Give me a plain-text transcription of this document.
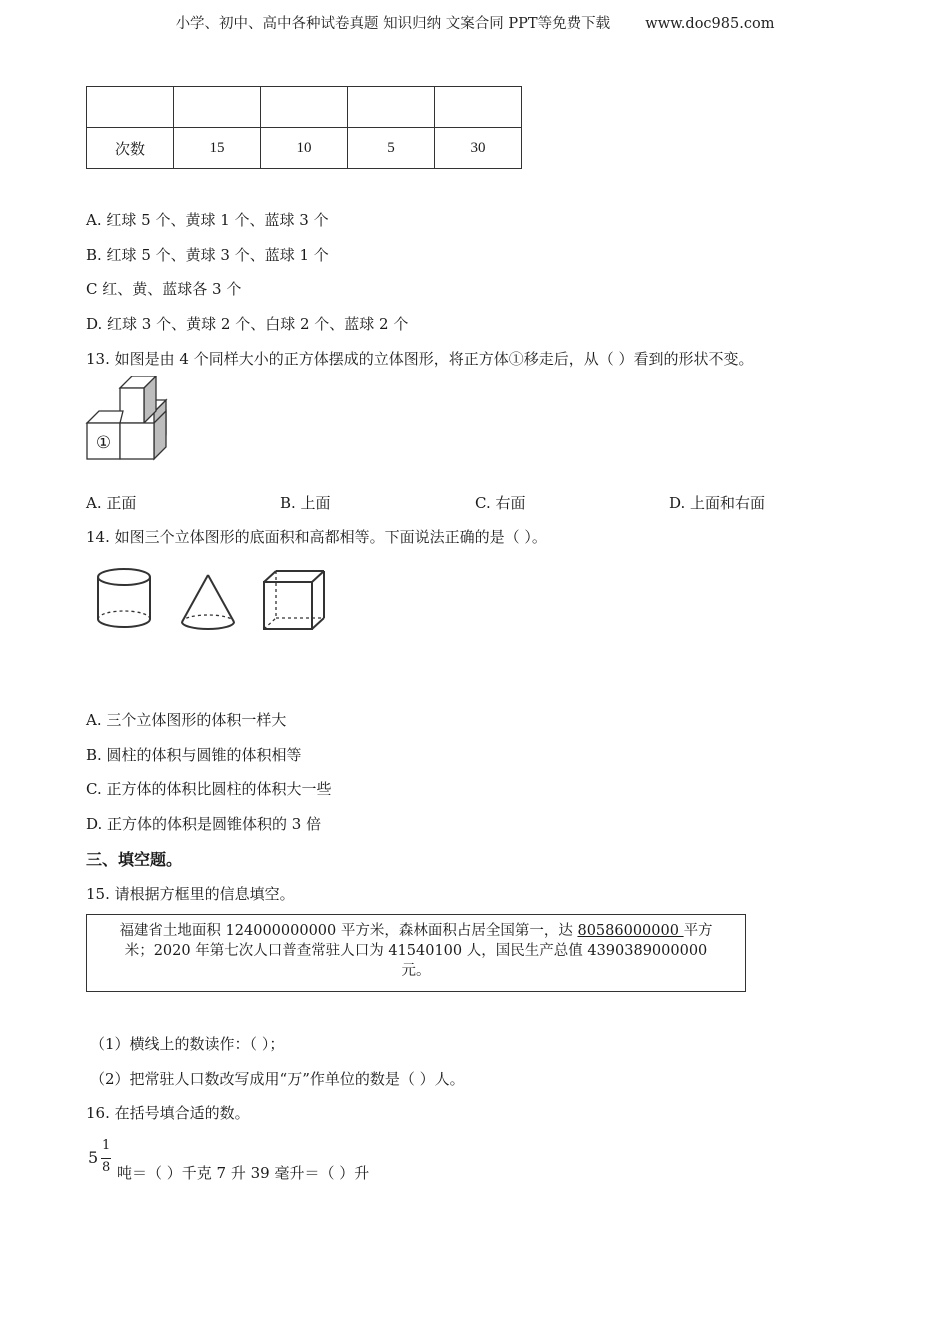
小学、初中、高中各种试卷真题 知识归纳 文案合同 PPT等免费下载 www.doc985.com

次数	15	10	5	30
A. 红球 5 个、黄球 1 个、蓝球 3 个
B. 红球 5 个、黄球 3 个、蓝球 1 个
C 红、黄、蓝球各 3 个
D. 红球 3 个、黄球 2 个、白球 2 个、蓝球 2 个
13. 如图是由 4 个同样大小的正方体摆成的立体图形，将正方体①移走后，从（ ）看到的形状不变。
①
A. 正面	B. 上面	C. 右面	D. 上面和右面
14. 如图三个立体图形的底面积和高都相等。下面说法正确的是（ ）。
A. 三个立体图形的体积一样大
B. 圆柱的体积与圆锥的体积相等
C. 正方体的体积比圆柱的体积大一些
D. 正方体的体积是圆锥体积的 3 倍
三、填空题。
15. 请根据方框里的信息填空。
福建省土地面积 124000000000 平方米，森林面积占居全国第一，达 80586000000 平方
米；2020 年第七次人口普查常驻人口为 41540100 人，国民生产总值 4390389000000
元。
（1）横线上的数读作：（ ）；
（2）把常驻人口数改写成用“万”作单位的数是（ ）人。
16. 在括号填合适的数。
5
1
8 吨＝（ ）千克 7 升 39 毫升＝（ ）升
